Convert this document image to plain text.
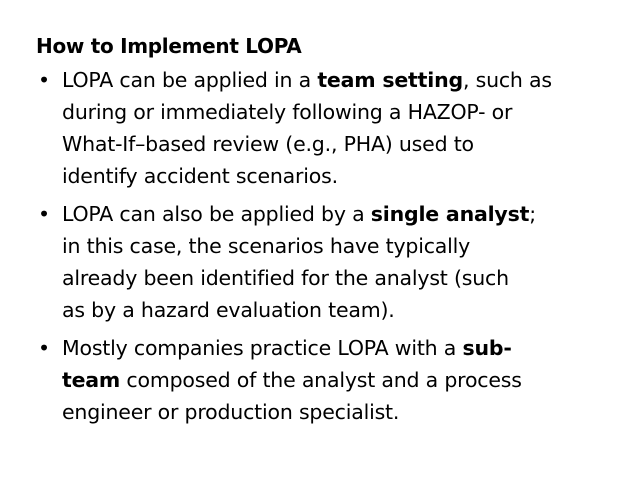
How to Implement LOPA
• LOPA can be applied in a team setting, such as
during or immediately following a HAZOP- or
What-If–based review (e.g., PHA) used to
identify accident scenarios.
• LOPA can also be applied by a single analyst;
in this case, the scenarios have typically
already been identified for the analyst (such
as by a hazard evaluation team).
• Mostly companies practice LOPA with a sub-
team composed of the analyst and a process
engineer or production specialist.
